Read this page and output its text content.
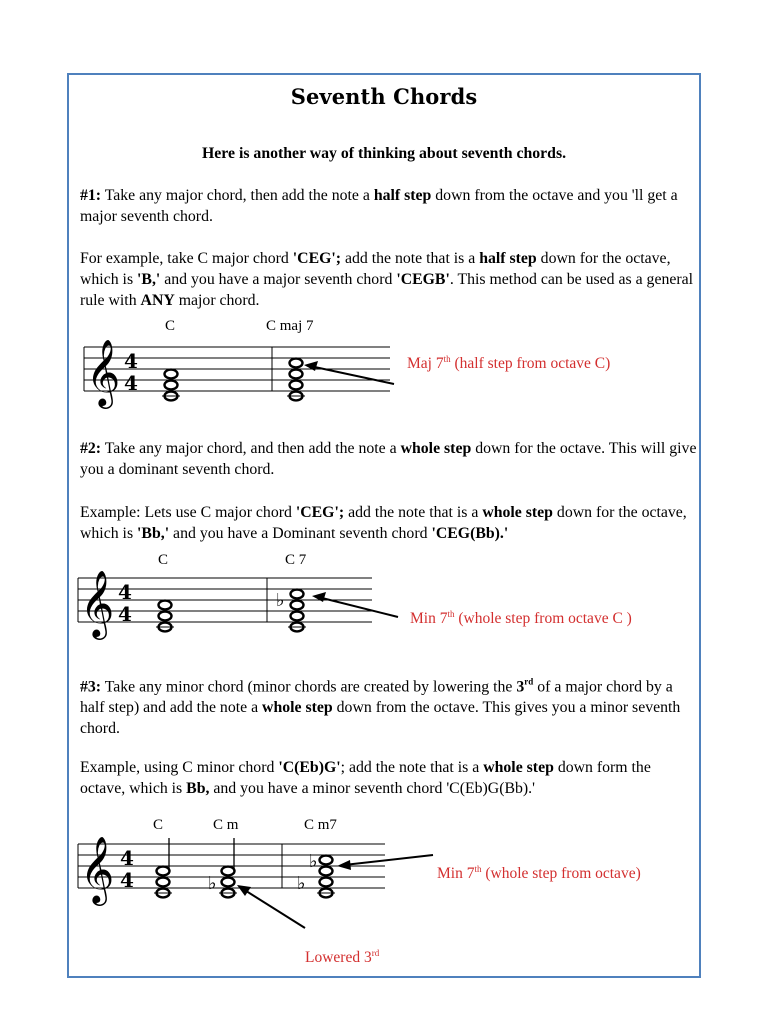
Seventh Chords
Here is another way of thinking about seventh chords.
#1: Take any major chord, then add the note a half step down from the octave and you 'll get a major seventh chord.
For example, take C major chord 'CEG'; add the note that is a half step down for the octave, which is 'B,' and you have a major seventh chord 'CEGB'. This method can be used as a general rule with ANY major chord.
C	C maj 7
𝄞 4
4
Maj 7th (half step from octave C)
#2: Take any major chord, and then add the note a whole step down for the octave. This will give you a dominant seventh chord.
Example: Lets use C major chord 'CEG'; add the note that is a whole step down for the octave, which is 'Bb,' and you have a Dominant seventh chord 'CEG(Bb).'
C	C 7
𝄞 4
4
♭
Min 7th (whole step from octave C )
#3: Take any minor chord (minor chords are created by lowering the 3rd of a major chord by a half step) and add the note a whole step down from the octave. This gives you a minor seventh chord.
Example, using C minor chord 'C(Eb)G'; add the note that is a whole step down form the octave, which is Bb, and you have a minor seventh chord 'C(Eb)G(Bb).'
C	C m	C m7
𝄞 4
4	♭	♭
♭
Min 7th (whole step from octave)
Lowered 3rd
